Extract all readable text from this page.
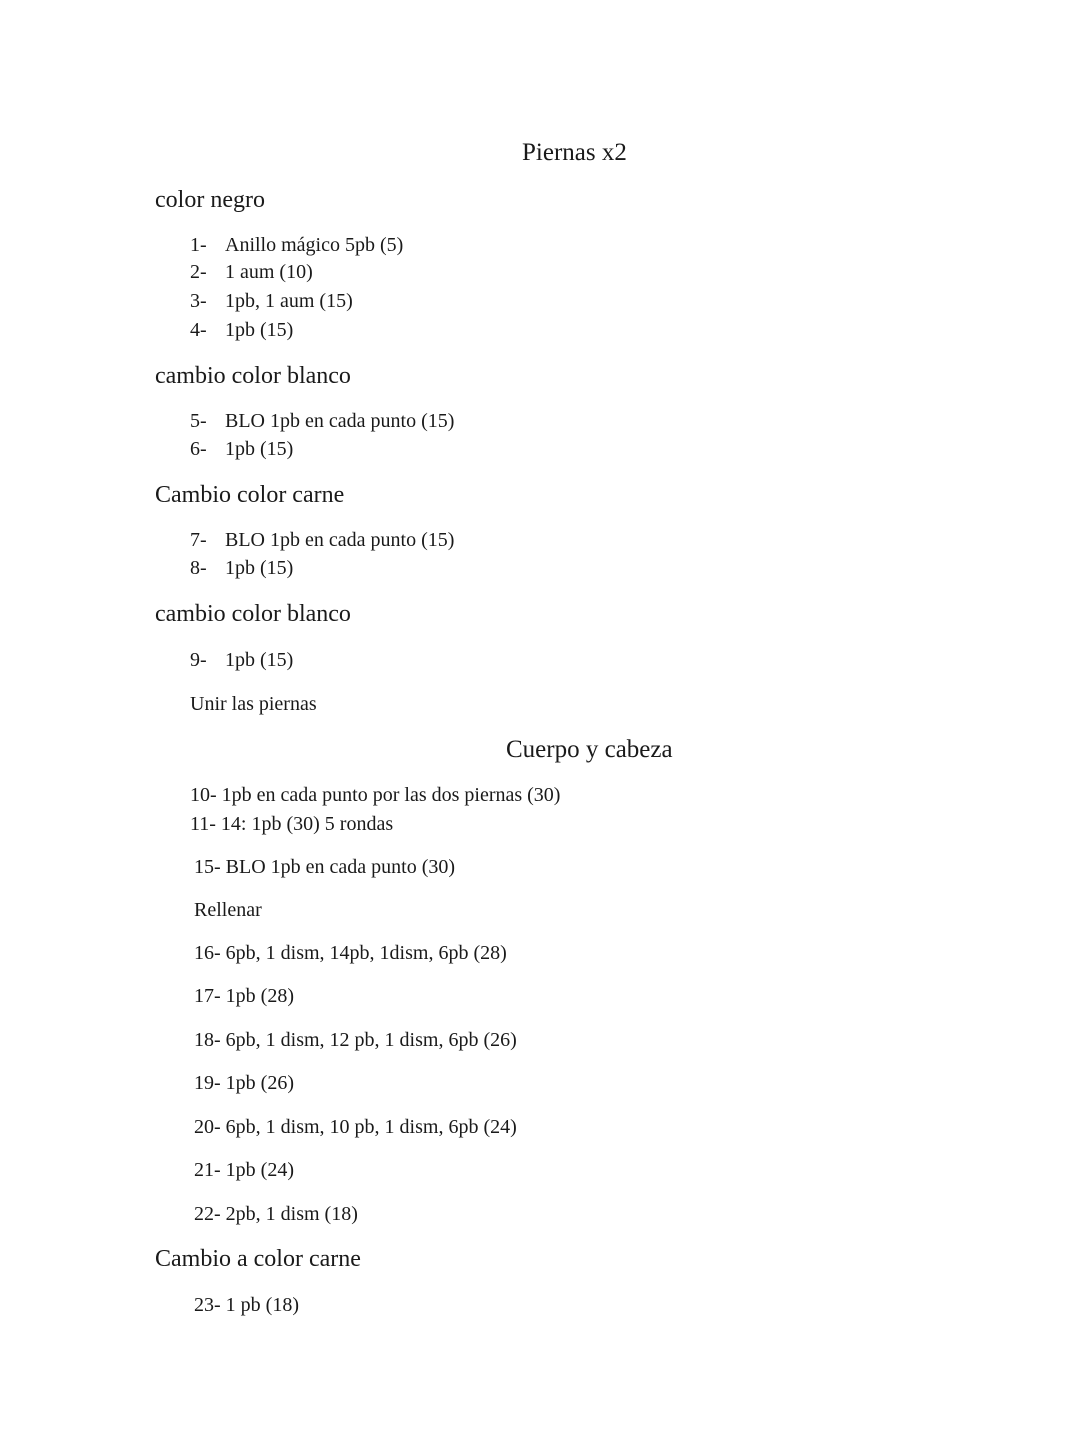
Piernas x2
color negro
1- Anillo mágico 5pb (5)
2- 1 aum (10)
3- 1pb, 1 aum (15)
4- 1pb (15)
cambio color blanco
5- BLO 1pb en cada punto (15)
6- 1pb (15)
Cambio color carne
7- BLO 1pb en cada punto (15)
8- 1pb (15)
cambio color blanco
9- 1pb (15)
Unir las piernas
Cuerpo y cabeza
10- 1pb en cada punto por las dos piernas (30)
11- 14: 1pb (30) 5 rondas
15- BLO 1pb en cada punto (30)
Rellenar
16- 6pb, 1 dism, 14pb, 1dism, 6pb (28)
17- 1pb (28)
18- 6pb, 1 dism, 12 pb, 1 dism, 6pb (26)
19- 1pb (26)
20- 6pb, 1 dism, 10 pb, 1 dism, 6pb (24)
21- 1pb (24)
22- 2pb, 1 dism (18)
Cambio a color carne
23- 1 pb (18)
